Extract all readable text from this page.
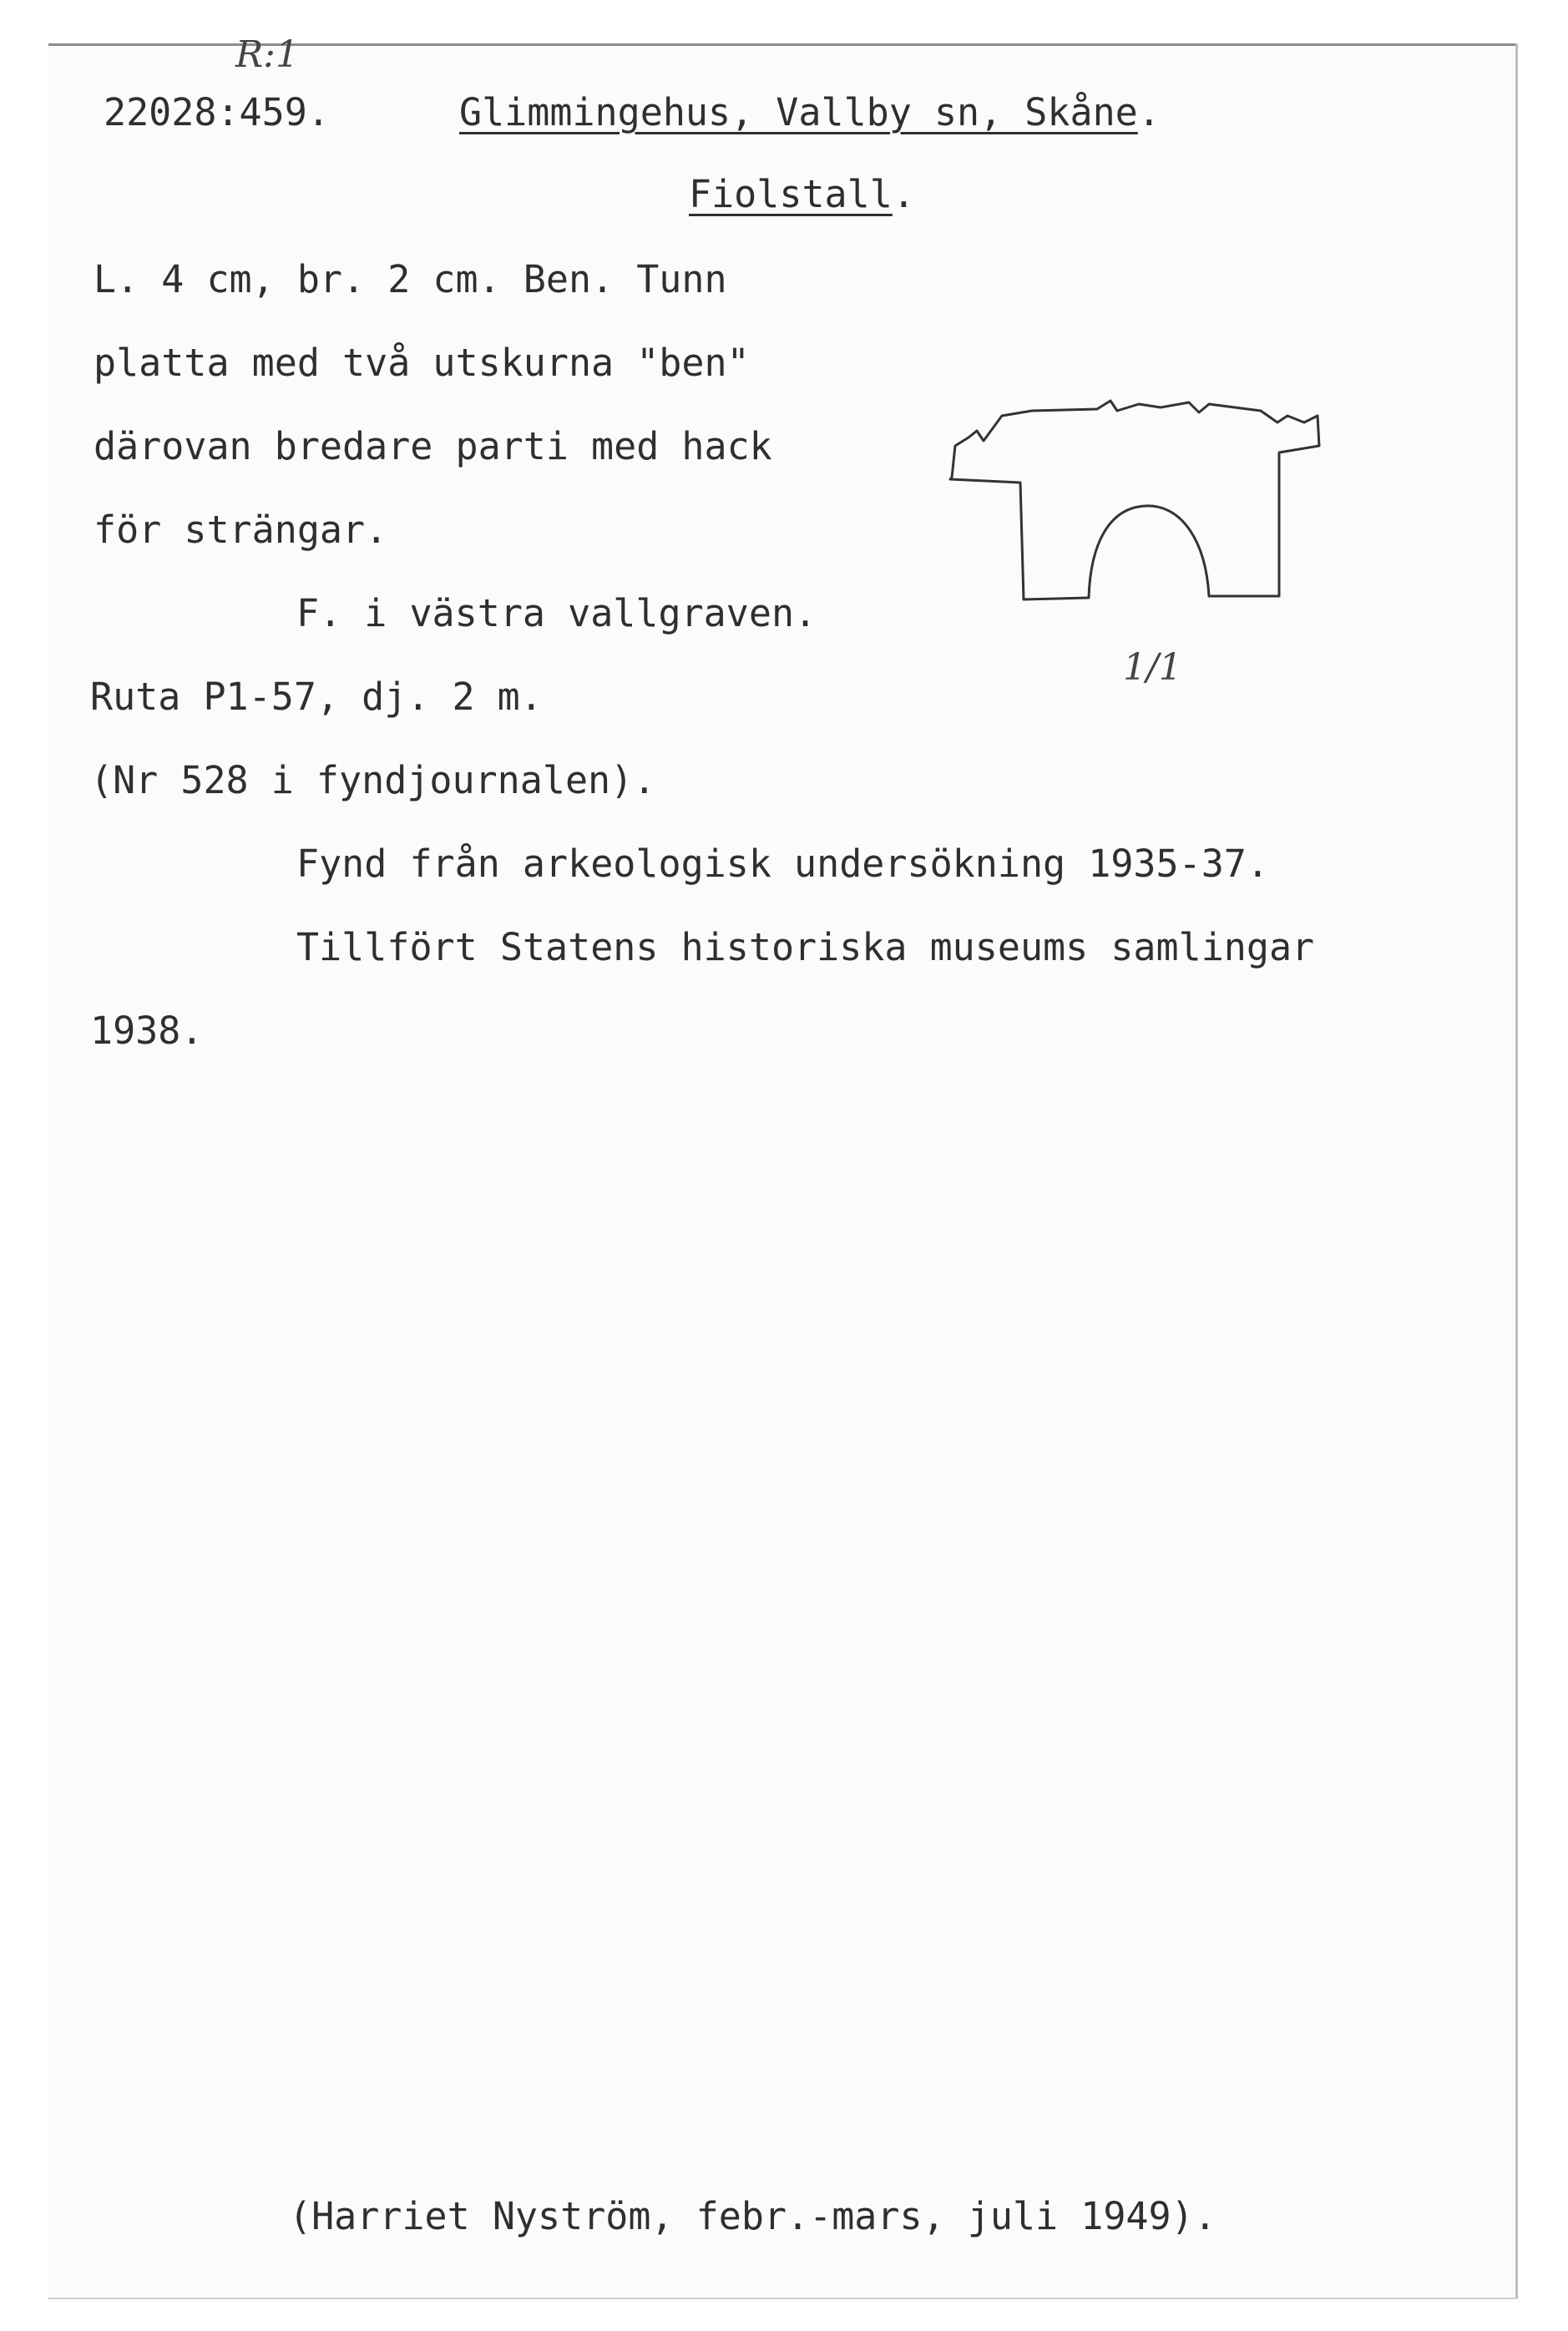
R:1
22028:459.	Glimmingehus, Vallby sn, Skåne.
Fiolstall.
L. 4 cm, br. 2 cm. Ben. Tunn
platta med två utskurna "ben"
därovan bredare parti med hack
för strängar.
F. i västra vallgraven.
Ruta P1-57, dj. 2 m.
(Nr 528 i fyndjournalen).
Fynd från arkeologisk undersökning 1935-37.
Tillfört Statens historiska museums samlingar
1938.
1/1
(Harriet Nyström, febr.-mars, juli 1949).
